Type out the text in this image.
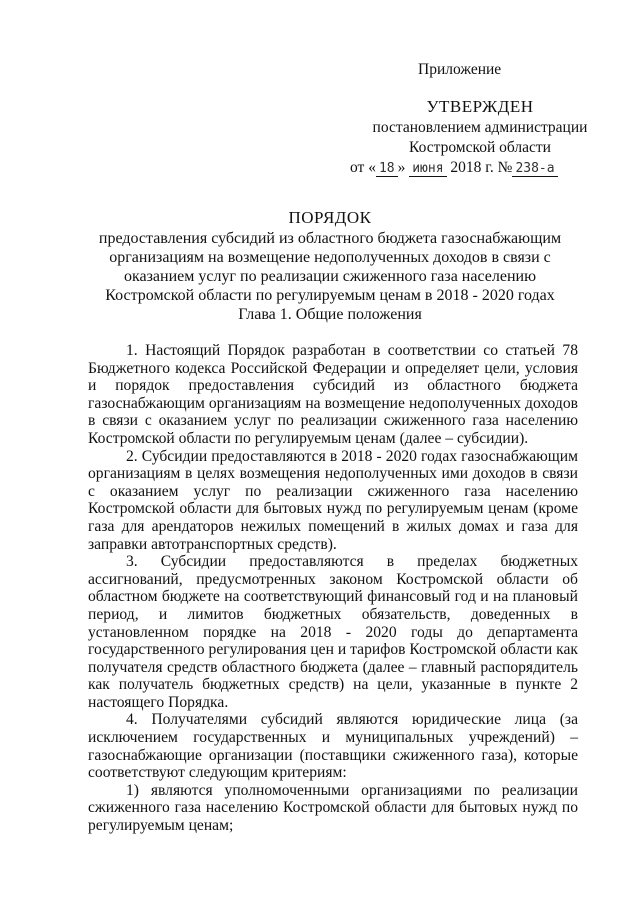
Приложение
УТВЕРЖДЕН
постановлением администрации
Костромской области
от « 18 » июня 2018 г. № 238-а
ПОРЯДОК
предоставления субсидий из областного бюджета газоснабжающим организациям на возмещение недополученных доходов в связи с оказанием услуг по реализации сжиженного газа населению Костромской области по регулируемым ценам в 2018 - 2020 годах
Глава 1. Общие положения

1. Настоящий Порядок разработан в соответствии со статьей 78 Бюджетного кодекса Российской Федерации и определяет цели, условия и порядок предоставления субсидий из областного бюджета газоснабжающим организациям на возмещение недополученных доходов в связи с оказанием услуг по реализации сжиженного газа населению Костромской области по регулируемым ценам (далее – субсидии).

2. Субсидии предоставляются в 2018 - 2020 годах газоснабжающим организациям в целях возмещения недополученных ими доходов в связи с оказанием услуг по реализации сжиженного газа населению Костромской области для бытовых нужд по регулируемым ценам (кроме газа для арендаторов нежилых помещений в жилых домах и газа для заправки автотранспортных средств).

3. Субсидии предоставляются в пределах бюджетных ассигнований, предусмотренных законом Костромской области об областном бюджете на соответствующий финансовый год и на плановый период, и лимитов бюджетных обязательств, доведенных в установленном порядке на 2018 - 2020 годы до департамента государственного регулирования цен и тарифов Костромской области как получателя средств областного бюджета (далее – главный распорядитель как получатель бюджетных средств) на цели, указанные в пункте 2 настоящего Порядка.

4. Получателями субсидий являются юридические лица (за исключением государственных и муниципальных учреждений) – газоснабжающие организации (поставщики сжиженного газа), которые соответствуют следующим критериям:

1) являются уполномоченными организациями по реализации сжиженного газа населению Костромской области для бытовых нужд по регулируемым ценам;
